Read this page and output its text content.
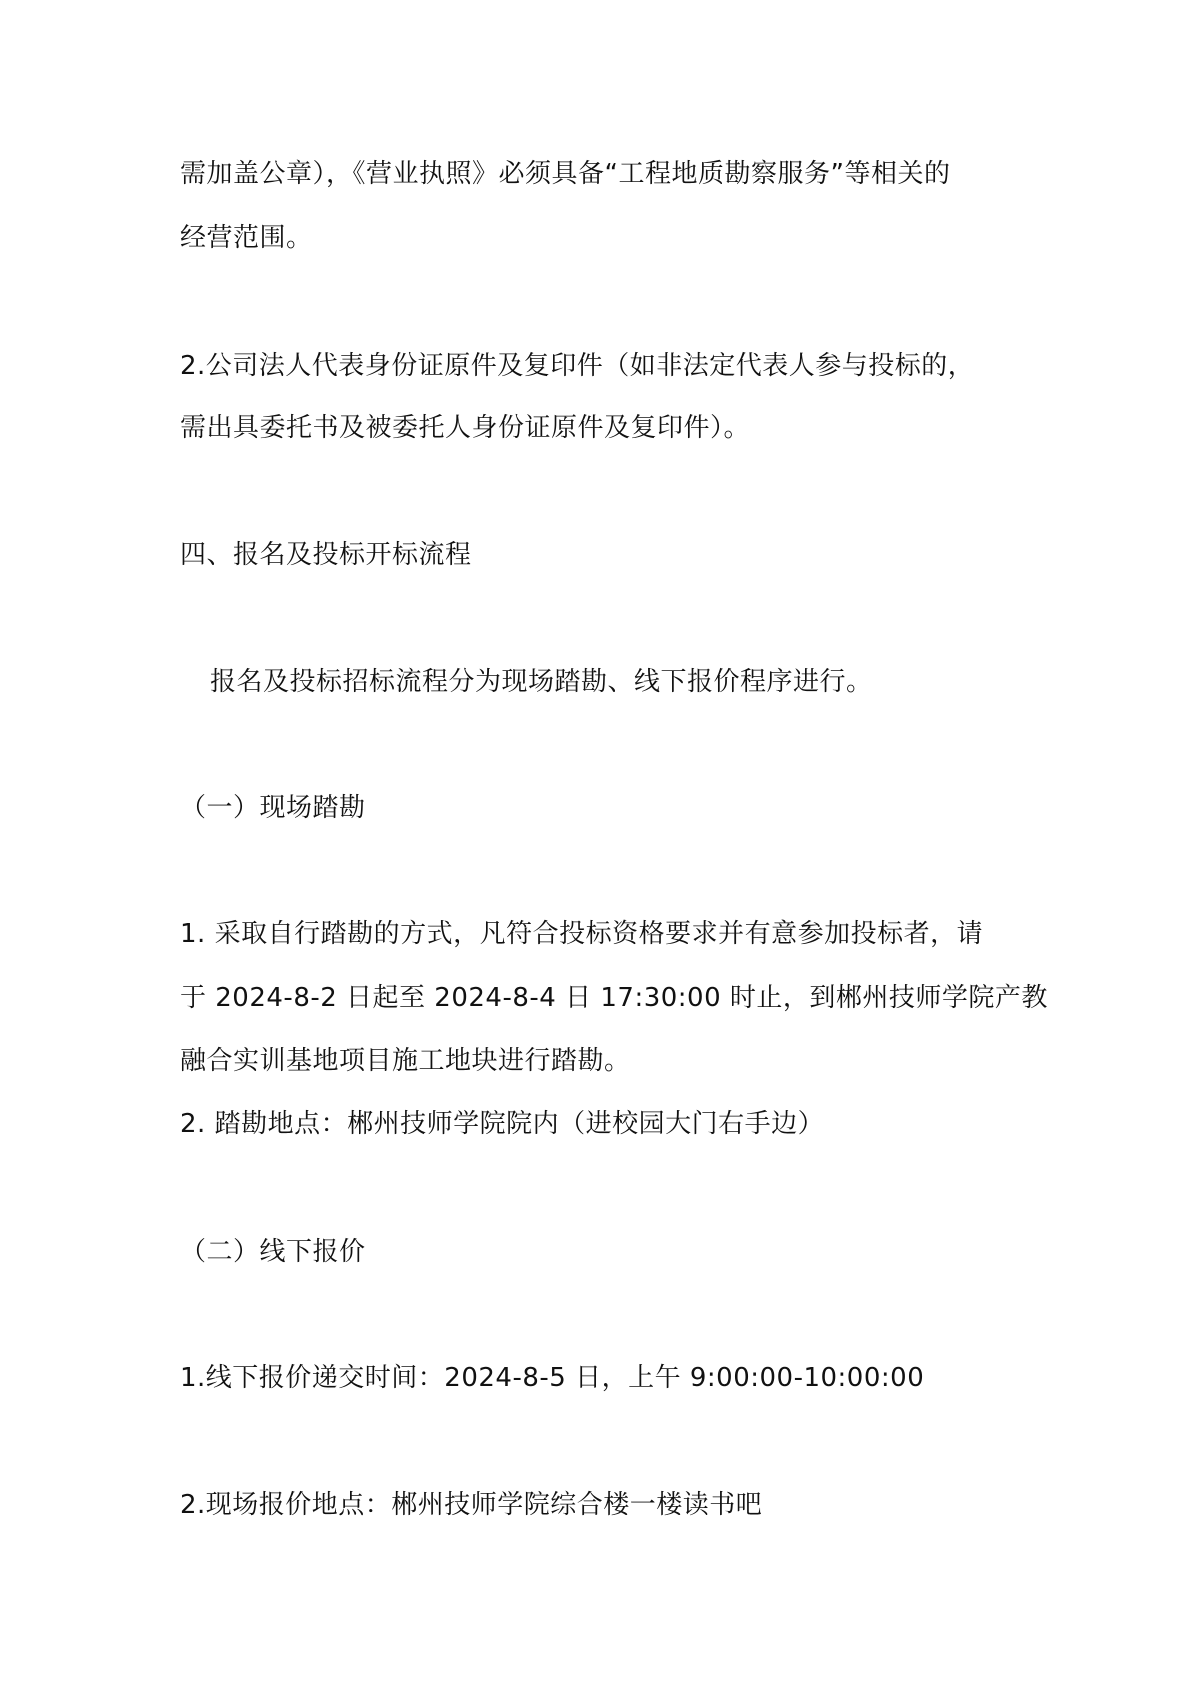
需加盖公章），《营业执照》必须具备“工程地质勘察服务”等相关的
经营范围。
2.公司法人代表身份证原件及复印件（如非法定代表人参与投标的，
需出具委托书及被委托人身份证原件及复印件）。
四、报名及投标开标流程
报名及投标招标流程分为现场踏勘、线下报价程序进行。
（一）现场踏勘
1. 采取自行踏勘的方式，凡符合投标资格要求并有意参加投标者，请
于 2024-8-2 日起至 2024-8-4 日 17:30:00 时止，到郴州技师学院产教
融合实训基地项目施工地块进行踏勘。
2. 踏勘地点：郴州技师学院院内（进校园大门右手边）
（二）线下报价
1.线下报价递交时间：2024-8-5 日，上午 9:00:00-10:00:00
2.现场报价地点：郴州技师学院综合楼一楼读书吧
